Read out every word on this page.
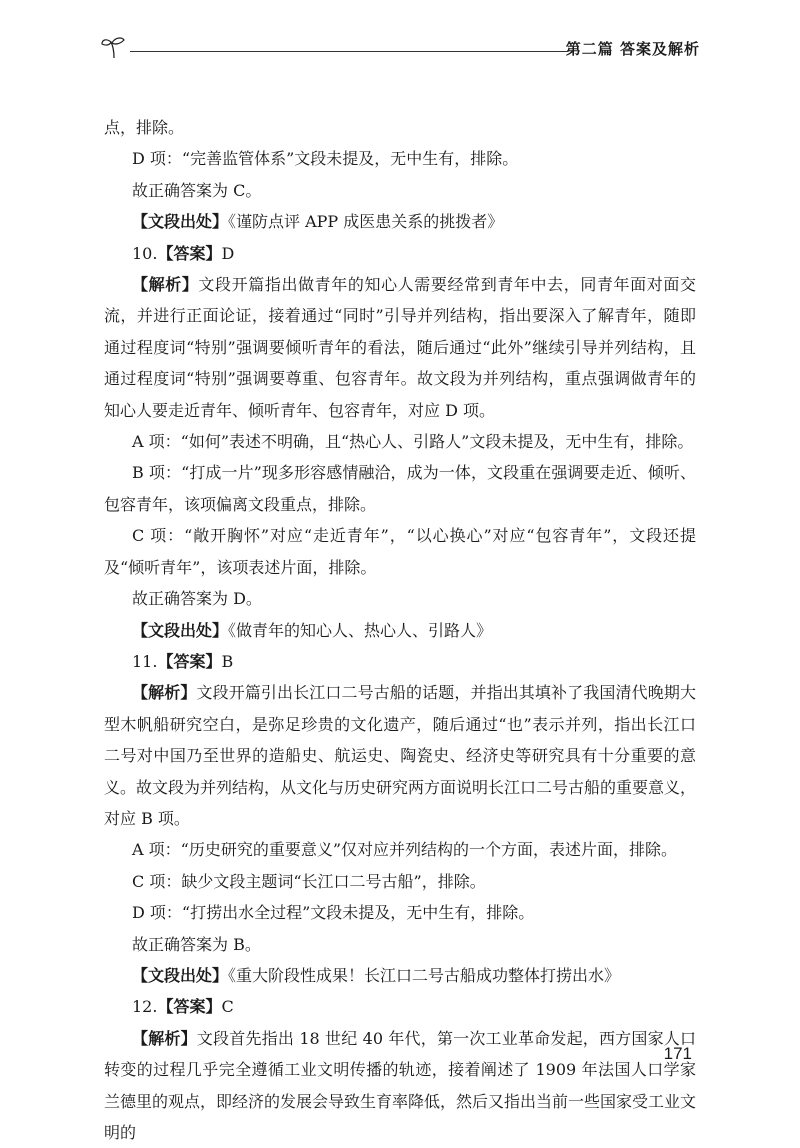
第二篇 答案及解析

点，排除。

D 项：“完善监管体系”文段未提及，无中生有，排除。

故正确答案为 C。

【文段出处】《谨防点评 APP 成医患关系的挑拨者》

10.【答案】D

【解析】文段开篇指出做青年的知心人需要经常到青年中去，同青年面对面交流，并进行正面论证，接着通过“同时”引导并列结构，指出要深入了解青年，随即通过程度词“特别”强调要倾听青年的看法，随后通过“此外”继续引导并列结构，且通过程度词“特别”强调要尊重、包容青年。故文段为并列结构，重点强调做青年的知心人要走近青年、倾听青年、包容青年，对应 D 项。

A 项：“如何”表述不明确，且“热心人、引路人”文段未提及，无中生有，排除。

B 项：“打成一片”现多形容感情融洽，成为一体，文段重在强调要走近、倾听、包容青年，该项偏离文段重点，排除。

C 项：“敞开胸怀”对应“走近青年”，“以心换心”对应“包容青年”，文段还提及“倾听青年”，该项表述片面，排除。

故正确答案为 D。

【文段出处】《做青年的知心人、热心人、引路人》

11.【答案】B

【解析】文段开篇引出长江口二号古船的话题，并指出其填补了我国清代晚期大型木帆船研究空白，是弥足珍贵的文化遗产，随后通过“也”表示并列，指出长江口二号对中国乃至世界的造船史、航运史、陶瓷史、经济史等研究具有十分重要的意义。故文段为并列结构，从文化与历史研究两方面说明长江口二号古船的重要意义，对应 B 项。

A 项：“历史研究的重要意义”仅对应并列结构的一个方面，表述片面，排除。

C 项：缺少文段主题词“长江口二号古船”，排除。

D 项：“打捞出水全过程”文段未提及，无中生有，排除。

故正确答案为 B。

【文段出处】《重大阶段性成果！长江口二号古船成功整体打捞出水》

12.【答案】C

【解析】文段首先指出 18 世纪 40 年代，第一次工业革命发起，西方国家人口转变的过程几乎完全遵循工业文明传播的轨迹，接着阐述了 1909 年法国人口学家兰德里的观点，即经济的发展会导致生育率降低，然后又指出当前一些国家受工业文明的

171
